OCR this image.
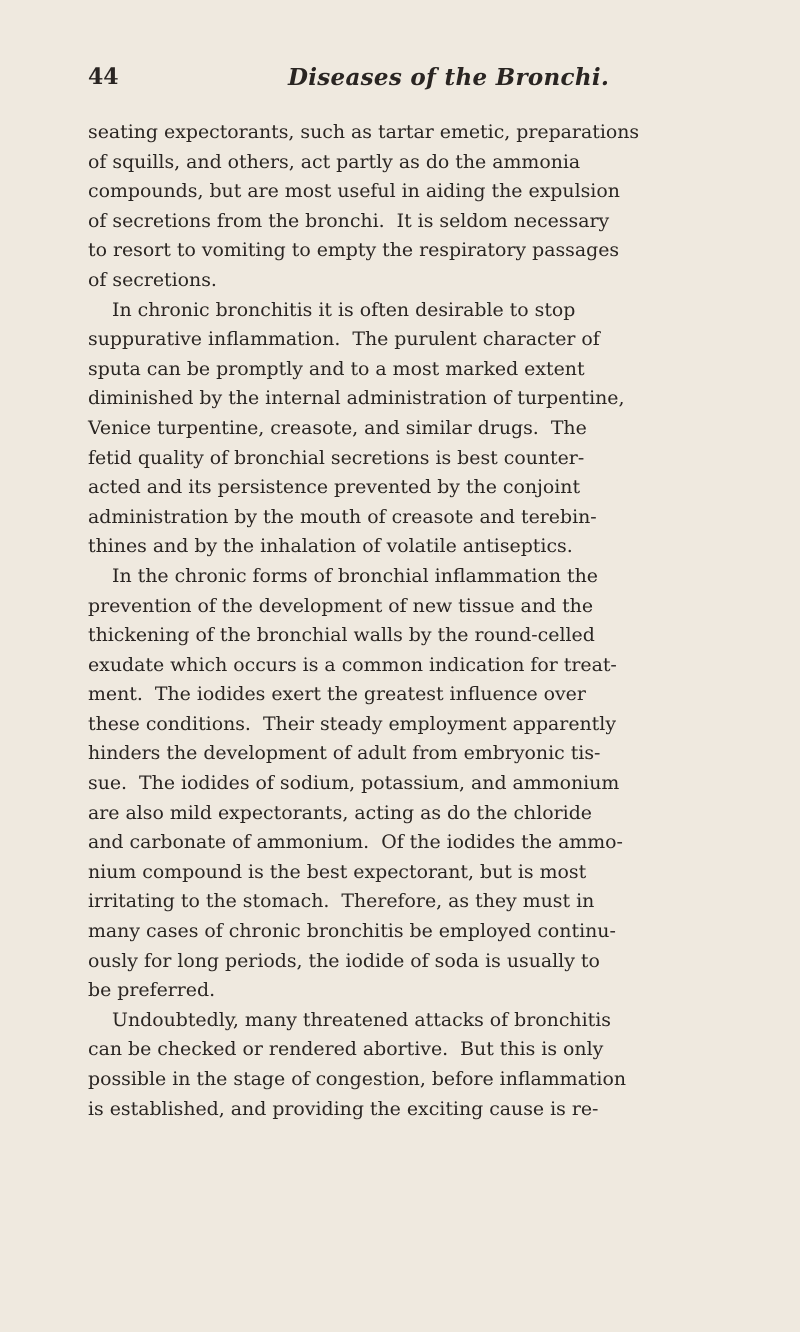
44	Diseases of the Bronchi.
seating expectorants, such as tartar emetic, preparations
of squills, and others, act partly as do the ammonia
compounds, but are most useful in aiding the expulsion
of secretions from the bronchi.  It is seldom necessary
to resort to vomiting to empty the respiratory passages
of secretions.
In chronic bronchitis it is often desirable to stop
suppurative inflammation.  The purulent character of
sputa can be promptly and to a most marked extent
diminished by the internal administration of turpentine,
Venice turpentine, creasote, and similar drugs.  The
fetid quality of bronchial secretions is best counter-
acted and its persistence prevented by the conjoint
administration by the mouth of creasote and terebin-
thines and by the inhalation of volatile antiseptics.
In the chronic forms of bronchial inflammation the
prevention of the development of new tissue and the
thickening of the bronchial walls by the round-celled
exudate which occurs is a common indication for treat-
ment.  The iodides exert the greatest influence over
these conditions.  Their steady employment apparently
hinders the development of adult from embryonic tis-
sue.  The iodides of sodium, potassium, and ammonium
are also mild expectorants, acting as do the chloride
and carbonate of ammonium.  Of the iodides the ammo-
nium compound is the best expectorant, but is most
irritating to the stomach.  Therefore, as they must in
many cases of chronic bronchitis be employed continu-
ously for long periods, the iodide of soda is usually to
be preferred.
Undoubtedly, many threatened attacks of bronchitis
can be checked or rendered abortive.  But this is only
possible in the stage of congestion, before inflammation
is established, and providing the exciting cause is re-
